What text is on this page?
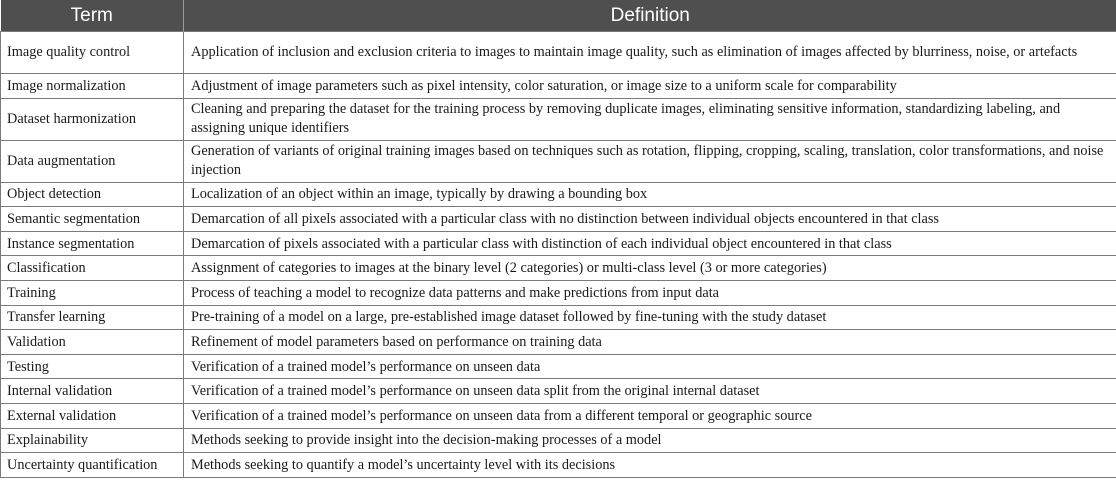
Term	Definition
Image quality control	Application of inclusion and exclusion criteria to images to maintain image quality, such as elimination of images affected by blurriness, noise, or artefacts
Image normalization	Adjustment of image parameters such as pixel intensity, color saturation, or image size to a uniform scale for comparability
Dataset harmonization	Cleaning and preparing the dataset for the training process by removing duplicate images, eliminating sensitive information, standardizing labeling, and assigning unique identifiers
Data augmentation	Generation of variants of original training images based on techniques such as rotation, flipping, cropping, scaling, translation, color transformations, and noise injection
Object detection	Localization of an object within an image, typically by drawing a bounding box
Semantic segmentation	Demarcation of all pixels associated with a particular class with no distinction between individual objects encountered in that class
Instance segmentation	Demarcation of pixels associated with a particular class with distinction of each individual object encountered in that class
Classification	Assignment of categories to images at the binary level (2 categories) or multi-class level (3 or more categories)
Training	Process of teaching a model to recognize data patterns and make predictions from input data
Transfer learning	Pre-training of a model on a large, pre-established image dataset followed by fine-tuning with the study dataset
Validation	Refinement of model parameters based on performance on training data
Testing	Verification of a trained model’s performance on unseen data
Internal validation	Verification of a trained model’s performance on unseen data split from the original internal dataset
External validation	Verification of a trained model’s performance on unseen data from a different temporal or geographic source
Explainability	Methods seeking to provide insight into the decision-making processes of a model
Uncertainty quantification	Methods seeking to quantify a model’s uncertainty level with its decisions
